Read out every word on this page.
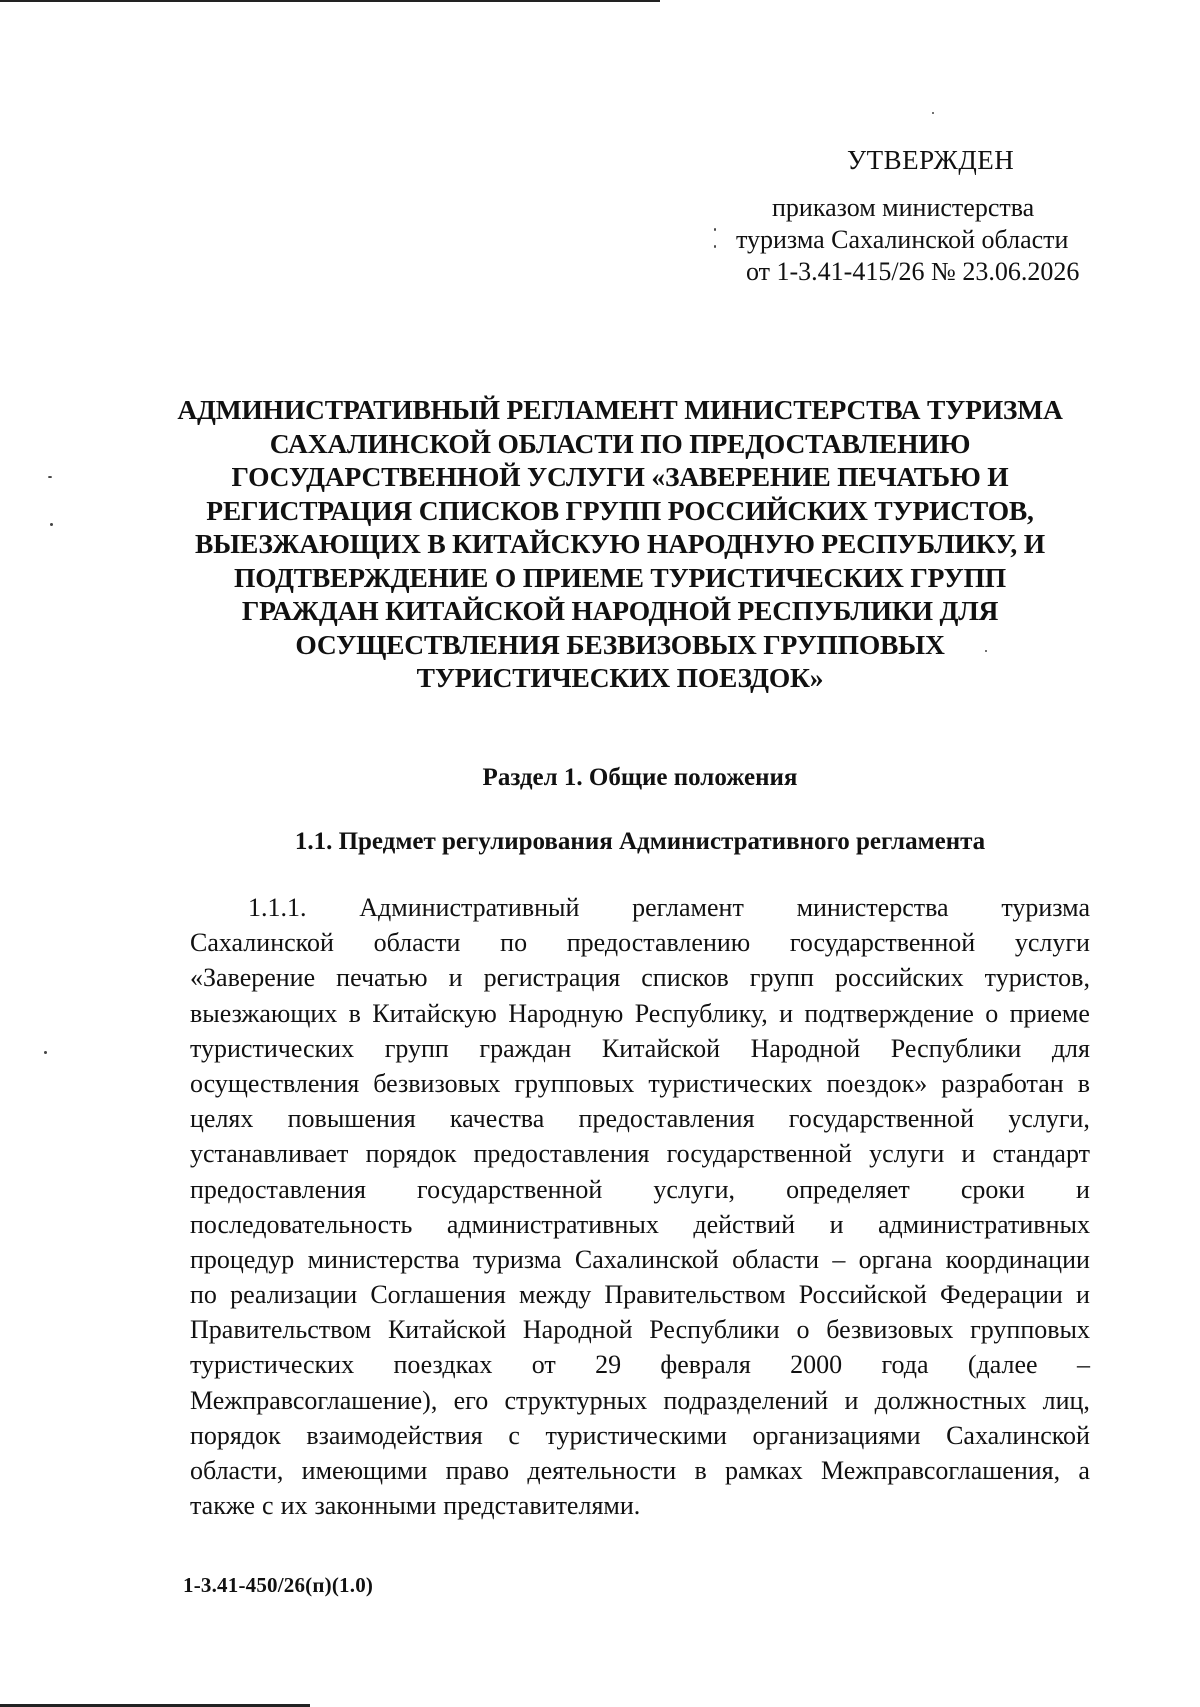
УТВЕРЖДЕН
приказом министерства
туризма Сахалинской области
от 1-3.41-415/26 № 23.06.2026
АДМИНИСТРАТИВНЫЙ РЕГЛАМЕНТ МИНИСТЕРСТВА ТУРИЗМА
САХАЛИНСКОЙ ОБЛАСТИ ПО ПРЕДОСТАВЛЕНИЮ
ГОСУДАРСТВЕННОЙ УСЛУГИ «ЗАВЕРЕНИЕ ПЕЧАТЬЮ И
РЕГИСТРАЦИЯ СПИСКОВ ГРУПП РОССИЙСКИХ ТУРИСТОВ,
ВЫЕЗЖАЮЩИХ В КИТАЙСКУЮ НАРОДНУЮ РЕСПУБЛИКУ, И
ПОДТВЕРЖДЕНИЕ О ПРИЕМЕ ТУРИСТИЧЕСКИХ ГРУПП
ГРАЖДАН КИТАЙСКОЙ НАРОДНОЙ РЕСПУБЛИКИ ДЛЯ
ОСУЩЕСТВЛЕНИЯ БЕЗВИЗОВЫХ ГРУППОВЫХ
ТУРИСТИЧЕСКИХ ПОЕЗДОК»
Раздел 1. Общие положения
1.1. Предмет регулирования Административного регламента
1.1.1. Административный регламент министерства туризма
Сахалинской области по предоставлению государственной услуги
«Заверение печатью и регистрация списков групп российских туристов,
выезжающих в Китайскую Народную Республику, и подтверждение о приеме
туристических групп граждан Китайской Народной Республики для
осуществления безвизовых групповых туристических поездок» разработан в
целях повышения качества предоставления государственной услуги,
устанавливает порядок предоставления государственной услуги и стандарт
предоставления государственной услуги, определяет сроки и
последовательность административных действий и административных
процедур министерства туризма Сахалинской области – органа координации
по реализации Соглашения между Правительством Российской Федерации и
Правительством Китайской Народной Республики о безвизовых групповых
туристических поездках от 29 февраля 2000 года (далее –
Межправсоглашение), его структурных подразделений и должностных лиц,
порядок взаимодействия с туристическими организациями Сахалинской
области, имеющими право деятельности в рамках Межправсоглашения, а
также с их законными представителями.
1-3.41-450/26(п)(1.0)
